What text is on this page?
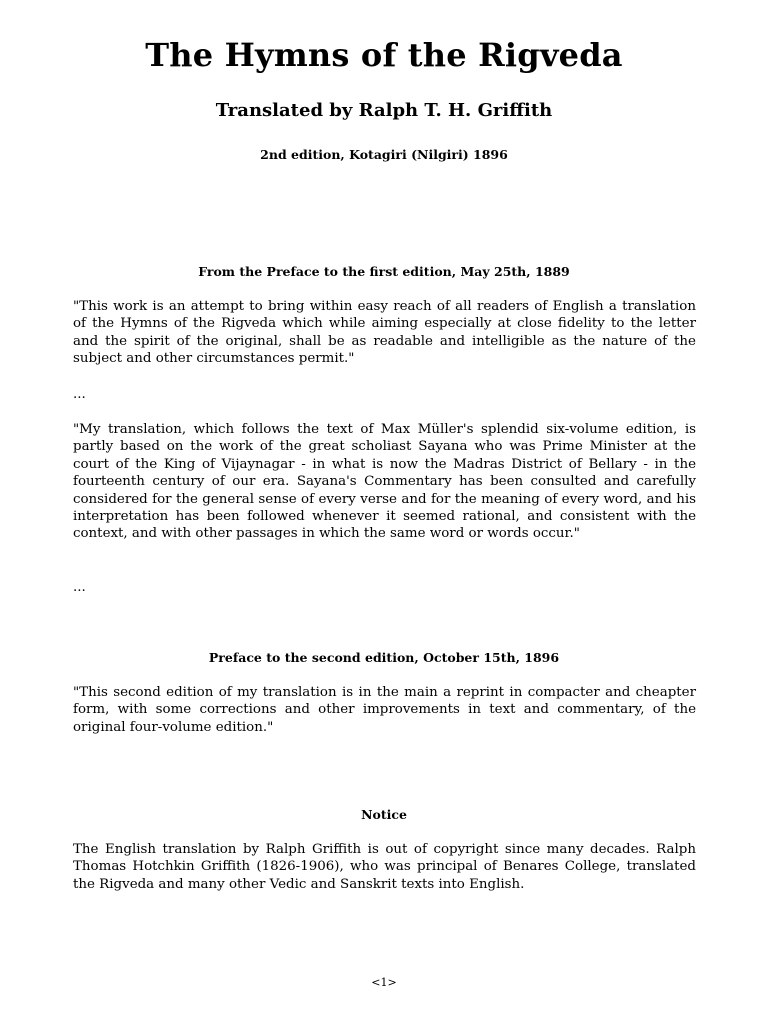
The Hymns of the Rigveda
Translated by Ralph T. H. Griffith

2nd edition, Kotagiri (Nilgiri) 1896

From the Preface to the first edition, May 25th, 1889

"This work is an attempt to bring within easy reach of all readers of English a translation of the Hymns of the Rigveda which while aiming especially at close fidelity to the letter and the spirit of the original, shall be as readable and intelligible as the nature of the subject and other circumstances permit."

...

"My translation, which follows the text of Max Müller's splendid six-volume edition, is partly based on the work of the great scholiast Sayana who was Prime Minister at the court of the King of Vijaynagar - in what is now the Madras District of Bellary - in the fourteenth century of our era. Sayana's Commentary has been consulted and carefully considered for the general sense of every verse and for the meaning of every word, and his interpretation has been followed whenever it seemed rational, and consistent with the context, and with other passages in which the same word or words occur."

...

Preface to the second edition, October 15th, 1896

"This second edition of my translation is in the main a reprint in compacter and cheapter form, with some corrections and other improvements in text and commentary, of the original four-volume edition."

Notice

The English translation by Ralph Griffith is out of copyright since many decades. Ralph Thomas Hotchkin Griffith (1826-1906), who was principal of Benares College, translated the Rigveda and many other Vedic and Sanskrit texts into English.

<1>
